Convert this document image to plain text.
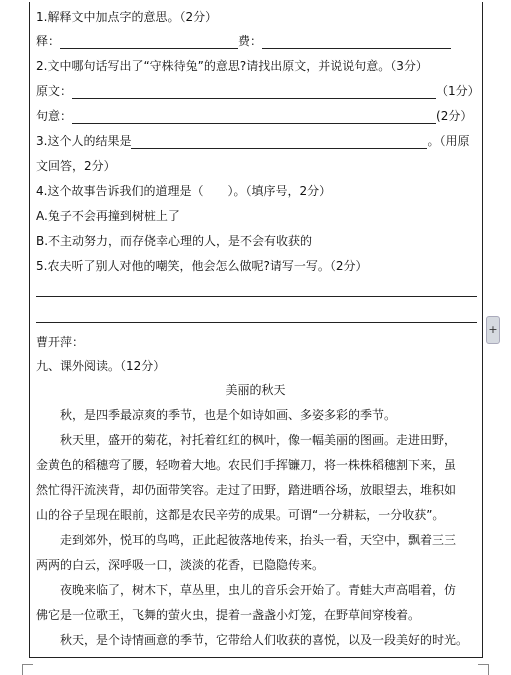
1.解释文中加点字的意思。（2分）
释：	费：
2.文中哪句话写出了“守株待兔”的意思?请找出原文，并说说句意。（3分）
原文：	（1分）
句意：	(2分）
3.这个人的结果是	。（用原
文回答，2分）
4.这个故事告诉我们的道理是（　　）。（填序号，2分）
A.兔子不会再撞到树桩上了
B.不主动努力，而存侥幸心理的人，是不会有收获的
5.农夫听了别人对他的嘲笑，他会怎么做呢?请写一写。（2分）
曹开萍：
九、课外阅读。（12分）
美丽的秋天
　　秋，是四季最凉爽的季节，也是个如诗如画、多姿多彩的季节。
　　秋天里，盛开的菊花，衬托着红红的枫叶，像一幅美丽的图画。走进田野，
金黄色的稻穗弯了腰，轻吻着大地。农民们手挥镰刀，将一株株稻穗割下来，虽
然忙得汗流浃背，却仍面带笑容。走过了田野，踏进晒谷场，放眼望去，堆积如
山的谷子呈现在眼前，这都是农民辛劳的成果。可谓“一分耕耘，一分收获”。
　　走到郊外，悦耳的鸟鸣，正此起彼落地传来，抬头一看，天空中，飘着三三
两两的白云，深呼吸一口，淡淡的花香，已隐隐传来。
　　夜晚来临了，树木下，草丛里，虫儿的音乐会开始了。青蛙大声高唱着，仿
佛它是一位歌王，飞舞的萤火虫，提着一盏盏小灯笼，在野草间穿梭着。
　　秋天，是个诗情画意的季节，它带给人们收获的喜悦，以及一段美好的时光。
+
